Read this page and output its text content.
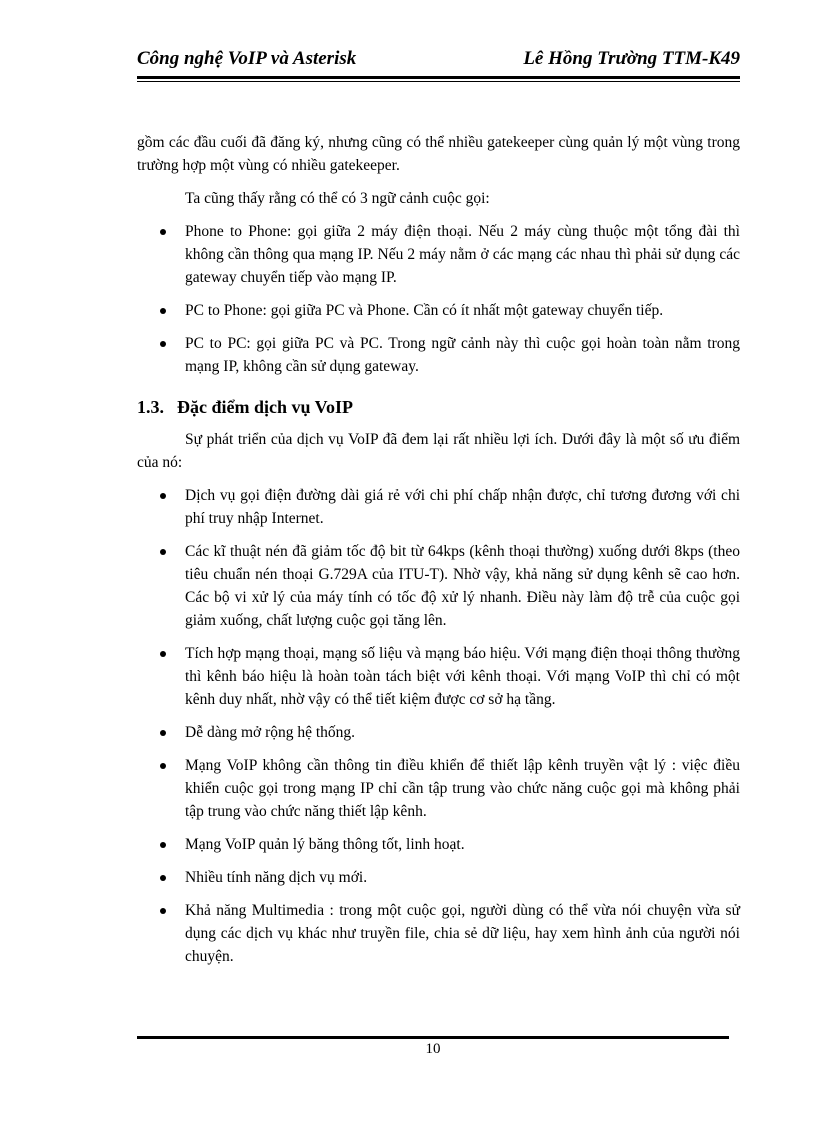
Công nghệ VoIP và Asterisk	Lê Hồng Trường TTM-K49

gồm các đầu cuối đã đăng ký, nhưng cũng có thể nhiều gatekeeper cùng quản lý một vùng trong trường hợp một vùng có nhiều gatekeeper.

Ta cũng thấy rằng có thể có 3 ngữ cảnh cuộc gọi:

Phone to Phone: gọi giữa 2 máy điện thoại. Nếu 2 máy cùng thuộc một tổng đài thì không cần thông qua mạng IP. Nếu 2 máy nằm ở các mạng các nhau thì phải sử dụng các gateway chuyển tiếp vào mạng IP.
PC to Phone: gọi giữa PC và Phone. Cần có ít nhất một gateway chuyển tiếp.
PC to PC: gọi giữa PC và PC. Trong ngữ cảnh này thì cuộc gọi hoàn toàn nằm trong mạng IP, không cần sử dụng gateway.
1.3. Đặc điểm dịch vụ VoIP

Sự phát triển của dịch vụ VoIP đã đem lại rất nhiều lợi ích. Dưới đây là một số ưu điểm của nó:

Dịch vụ gọi điện đường dài giá rẻ với chi phí chấp nhận được, chỉ tương đương với chi phí truy nhập Internet.
Các kĩ thuật nén đã giảm tốc độ bit từ 64kps (kênh thoại thường) xuống dưới 8kps (theo tiêu chuẩn nén thoại G.729A của ITU-T). Nhờ vậy, khả năng sử dụng kênh sẽ cao hơn. Các bộ vi xử lý của máy tính có tốc độ xử lý nhanh. Điều này làm độ trễ của cuộc gọi giảm xuống, chất lượng cuộc gọi tăng lên.
Tích hợp mạng thoại, mạng số liệu và mạng báo hiệu. Với mạng điện thoại thông thường thì kênh báo hiệu là hoàn toàn tách biệt với kênh thoại. Với mạng VoIP thì chỉ có một kênh duy nhất, nhờ vậy có thể tiết kiệm được cơ sở hạ tầng.
Dễ dàng mở rộng hệ thống.
Mạng VoIP không cần thông tin điều khiển để thiết lập kênh truyền vật lý : việc điều khiển cuộc gọi trong mạng IP chỉ cần tập trung vào chức năng cuộc gọi mà không phải tập trung vào chức năng thiết lập kênh.
Mạng VoIP quản lý băng thông tốt, linh hoạt.
Nhiều tính năng dịch vụ mới.
Khả năng Multimedia : trong một cuộc gọi, người dùng có thể vừa nói chuyện vừa sử dụng các dịch vụ khác như truyền file, chia sẻ dữ liệu, hay xem hình ảnh của người nói chuyện.
10
